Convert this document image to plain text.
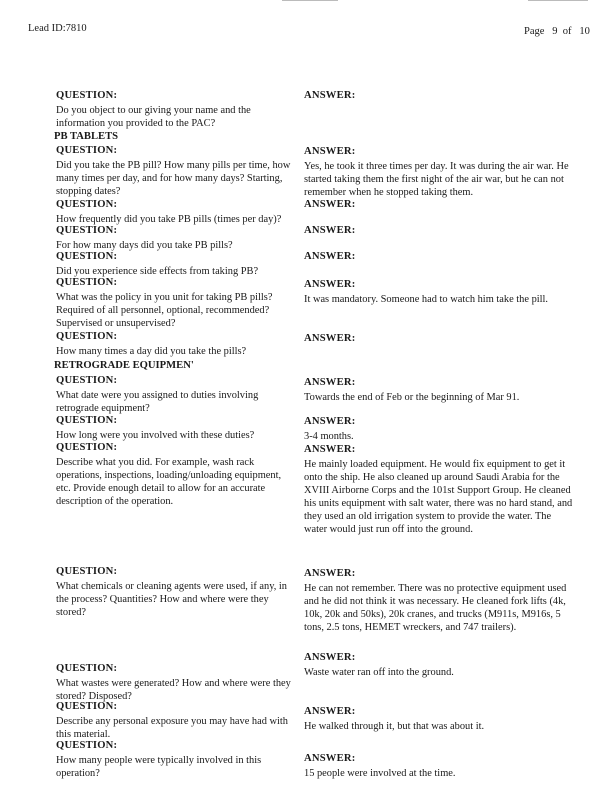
Lead ID:7810	Page   9  of   10
QUESTION:
Do you object to our giving your name and the information you provided to the PAC?
ANSWER:
QUESTION:
Did you take the PB pill? How many pills per time, how many times per day, and for how many days? Starting, stopping dates?
ANSWER:
Yes, he took it three times per day. It was during the air war. He started taking them the first night of the air war, but he can not remember when he stopped taking them.
QUESTION:
How frequently did you take PB pills (times per day)?
ANSWER:
QUESTION:
For how many days did you take PB pills?
ANSWER:
QUESTION:
Did you experience side effects from taking PB?
ANSWER:
QUESTION:
What was the policy in you unit for taking PB pills? Required of all personnel, optional, recommended? Supervised or unsupervised?
ANSWER:
It was mandatory. Someone had to watch him take the pill.
QUESTION:
How many times a day did you take the pills?
ANSWER:
QUESTION:
What date were you assigned to duties involving retrograde equipment?
ANSWER:
Towards the end of Feb or the beginning of Mar 91.
QUESTION:
How long were you involved with these duties?
ANSWER:
3-4 months.
QUESTION:
Describe what you did. For example, wash rack operations, inspections, loading/unloading equipment, etc. Provide enough detail to allow for an accurate description of the operation.
ANSWER:
He mainly loaded equipment. He would fix equipment to get it onto the ship. He also cleaned up around Saudi Arabia for the XVIII Airborne Corps and the 101st Support Group. He cleaned his units equipment with salt water, there was no hard stand, and they used an old irrigation system to provide the water. The water would just run off into the ground.
QUESTION:
What chemicals or cleaning agents were used, if any, in the process? Quantities? How and where were they stored?
ANSWER:
He can not remember. There was no protective equipment used and he did not think it was necessary. He cleaned fork lifts (4k, 10k, 20k and 50ks), 20k cranes, and trucks (M911s, M916s, 5 tons, 2.5 tons, HEMET wreckers, and 747 trailers).
QUESTION:
What wastes were generated? How and where were they stored? Disposed?
ANSWER:
Waste water ran off into the ground.
QUESTION:
Describe any personal exposure you may have had with this material.
ANSWER:
He walked through it, but that was about it.
QUESTION:
How many people were typically involved in this operation?
ANSWER:
15 people were involved at the time.
PB TABLETS
RETROGRADE EQUIPMEN'
